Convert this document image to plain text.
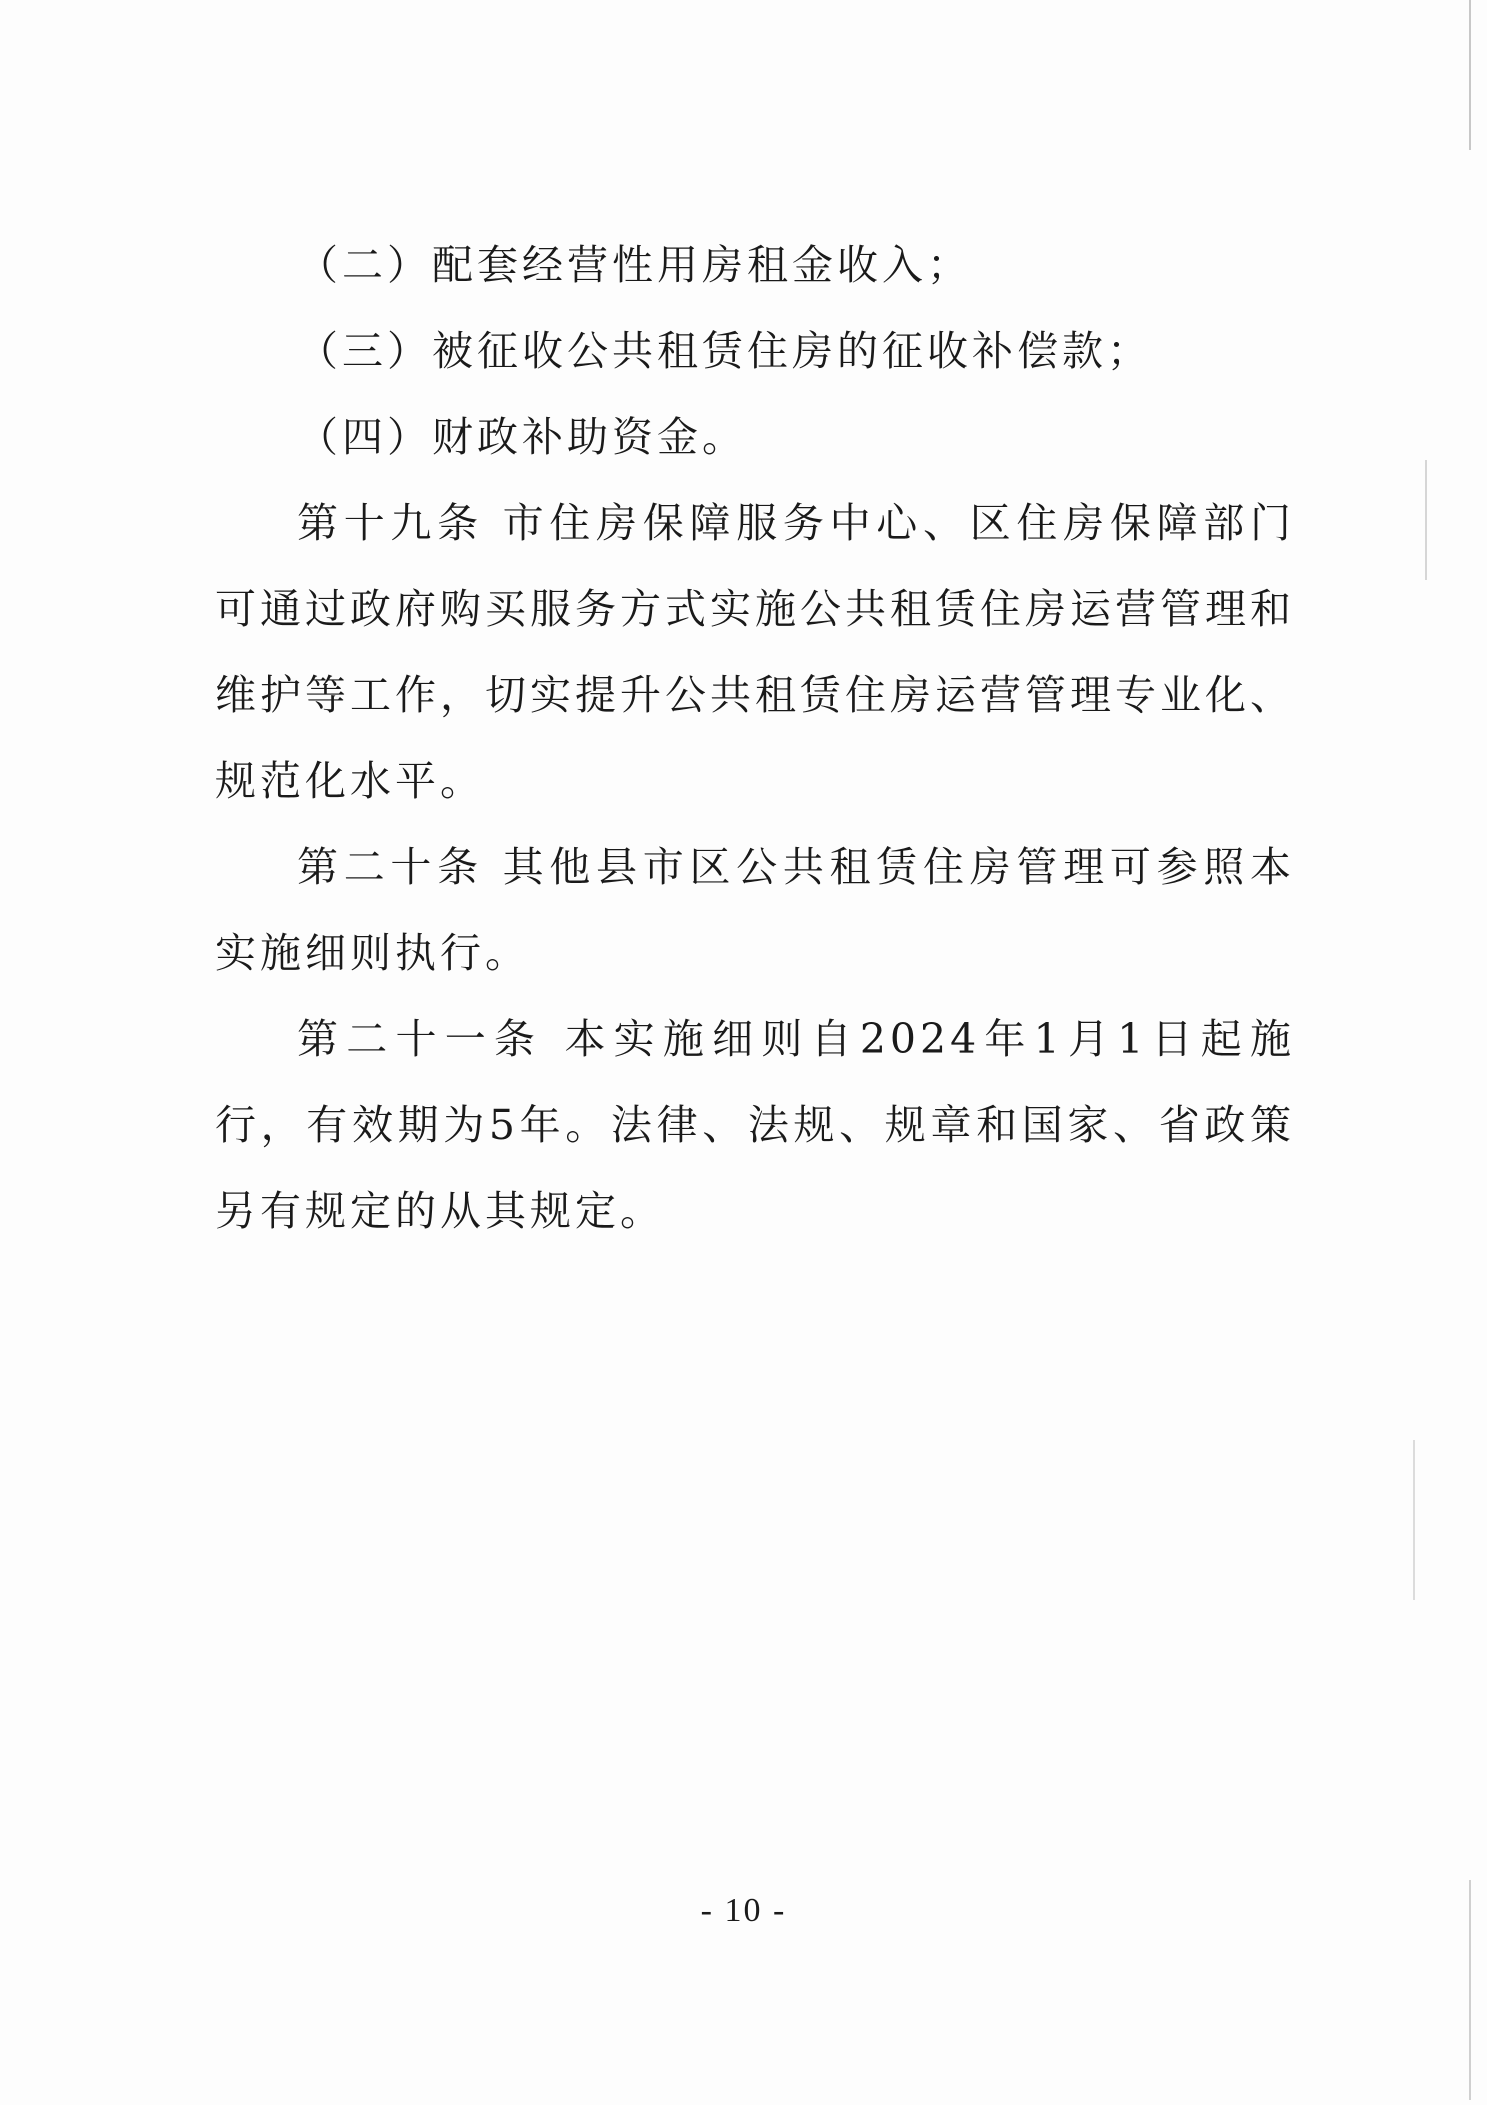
（二）配套经营性用房租金收入；

（三）被征收公共租赁住房的征收补偿款；

（四）财政补助资金。

第十九条 市住房保障服务中心、区住房保障部门可通过政府购买服务方式实施公共租赁住房运营管理和维护等工作，切实提升公共租赁住房运营管理专业化、规范化水平。

第二十条 其他县市区公共租赁住房管理可参照本实施细则执行。

第二十一条 本实施细则自2024年1月1日起施行，有效期为5年。法律、法规、规章和国家、省政策另有规定的从其规定。

- 10 -
